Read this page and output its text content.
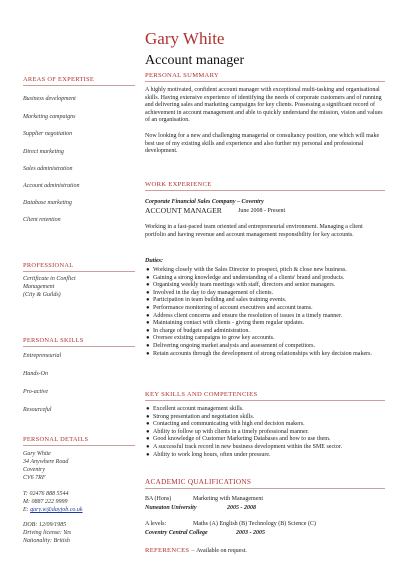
Gary White
Account manager
AREAS OF EXPERTISE
Business development
Marketing campaigns
Supplier negotiation
Direct marketing
Sales administration
Account administration
Database marketing
Client retention
PROFESSIONAL
Certificate in Conflict
Management
(City & Guilds)
PERSONAL SKILLS
Entrepreneurial
Hands-On
Pro-active
Resourceful
PERSONAL DETAILS
Gary White
34 Anywhere Road
Coventry
CV6 7RF
T: 02476 888 5544
M: 0887 222 9999
E: gary.w@dayjob.co.uk
DOB: 12/09/1985
Driving license: Yes
Nationality: British
PERSONAL SUMMARY
A highly motivated, confident account manager with exceptional multi-tasking and organisational skills. Having extensive experience of identifying the needs of corporate customers and of running and delivering sales and marketing campaigns for key clients. Possessing a significant record of achievement in account management and able to quickly understand the mission, vision and values of an organisation.
Now looking for a new and challenging managerial or consultancy position, one which will make best use of my existing skills and experience and also further my personal and professional development.
WORK EXPERIENCE
Corporate Financial Sales Company – Coventry
ACCOUNT MANAGER	June 2008 - Present
Working in a fast-paced team oriented and entrepreneurial environment. Managing a client portfolio and having revenue and account management responsibility for key accounts.
Duties:
● Working closely with the Sales Director to prospect, pitch & close new business.
● Gaining a strong knowledge and understanding of a clients' brand and products.
● Organising weekly team meetings with staff, directors and senior managers.
● Involved in the day to day management of clients.
● Participation in team building and sales training events.
● Performance monitoring of account executives and account teams.
● Address client concerns and ensure the resolution of issues in a timely manner.
● Maintaining contact with clients - giving them regular updates.
● In charge of budgets and administration.
● Oversee existing campaigns to grow key accounts.
● Delivering ongoing market analysis and assessment of competitors.
● Retain accounts through the development of strong relationships with key decision makers.
KEY SKILLS AND COMPETENCIES
● Excellent account management skills.
● Strong presentation and negotiation skills.
● Contacting and communicating with high end decision makers.
● Ability to follow up with clients in a timely professional manner.
● Good knowledge of Customer Marketing Databases and how to use them.
● A successful track record in new business development within the SME sector.
● Ability to work long hours, often under pressure.
ACADEMIC QUALIFICATIONS
BA (Hons)	Marketing with Management
Nuneaton University	2005 - 2008
A levels:	Maths (A) English (B) Technology (B) Science (C)
Coventry Central College	2003 - 2005
REFERENCES – Available on request.
